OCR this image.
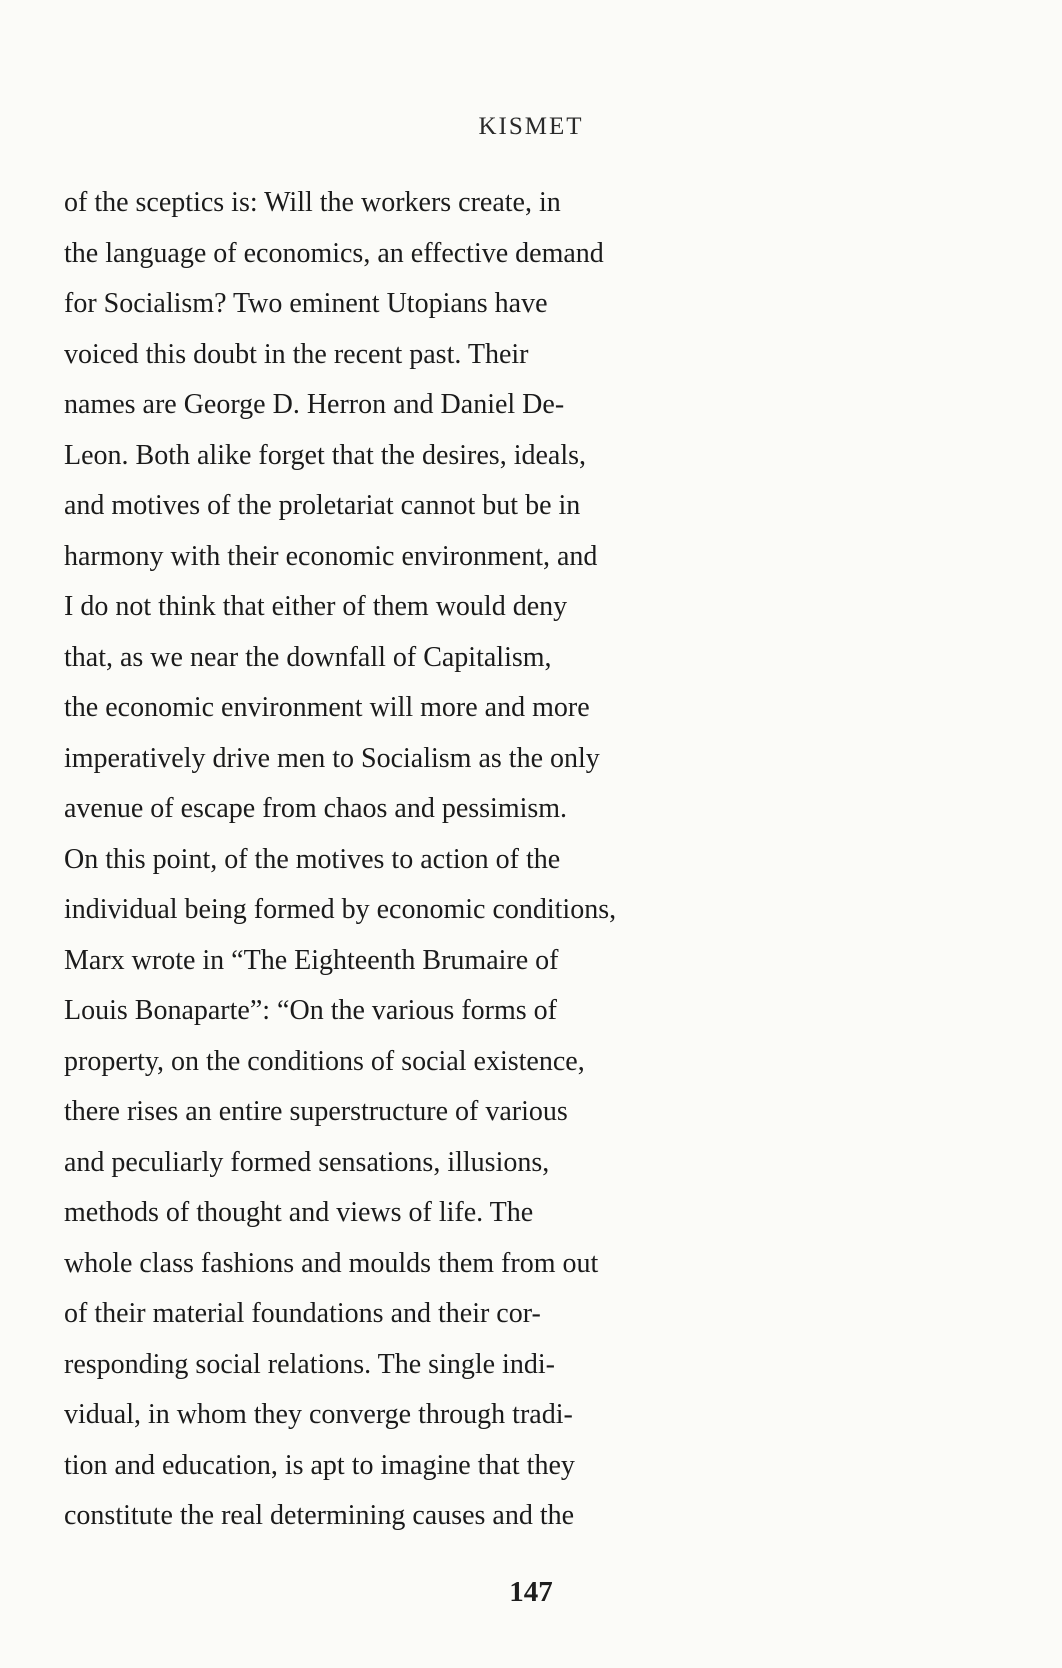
KISMET
of the sceptics is: Will the workers create, in
the language of economics, an effective demand
for Socialism? Two eminent Utopians have
voiced this doubt in the recent past. Their
names are George D. Herron and Daniel De-
Leon. Both alike forget that the desires, ideals,
and motives of the proletariat cannot but be in
harmony with their economic environment, and
I do not think that either of them would deny
that, as we near the downfall of Capitalism,
the economic environment will more and more
imperatively drive men to Socialism as the only
avenue of escape from chaos and pessimism.
On this point, of the motives to action of the
individual being formed by economic conditions,
Marx wrote in “The Eighteenth Brumaire of
Louis Bonaparte”: “On the various forms of
property, on the conditions of social existence,
there rises an entire superstructure of various
and peculiarly formed sensations, illusions,
methods of thought and views of life. The
whole class fashions and moulds them from out
of their material foundations and their cor-
responding social relations. The single indi-
vidual, in whom they converge through tradi-
tion and education, is apt to imagine that they
constitute the real determining causes and the
147
